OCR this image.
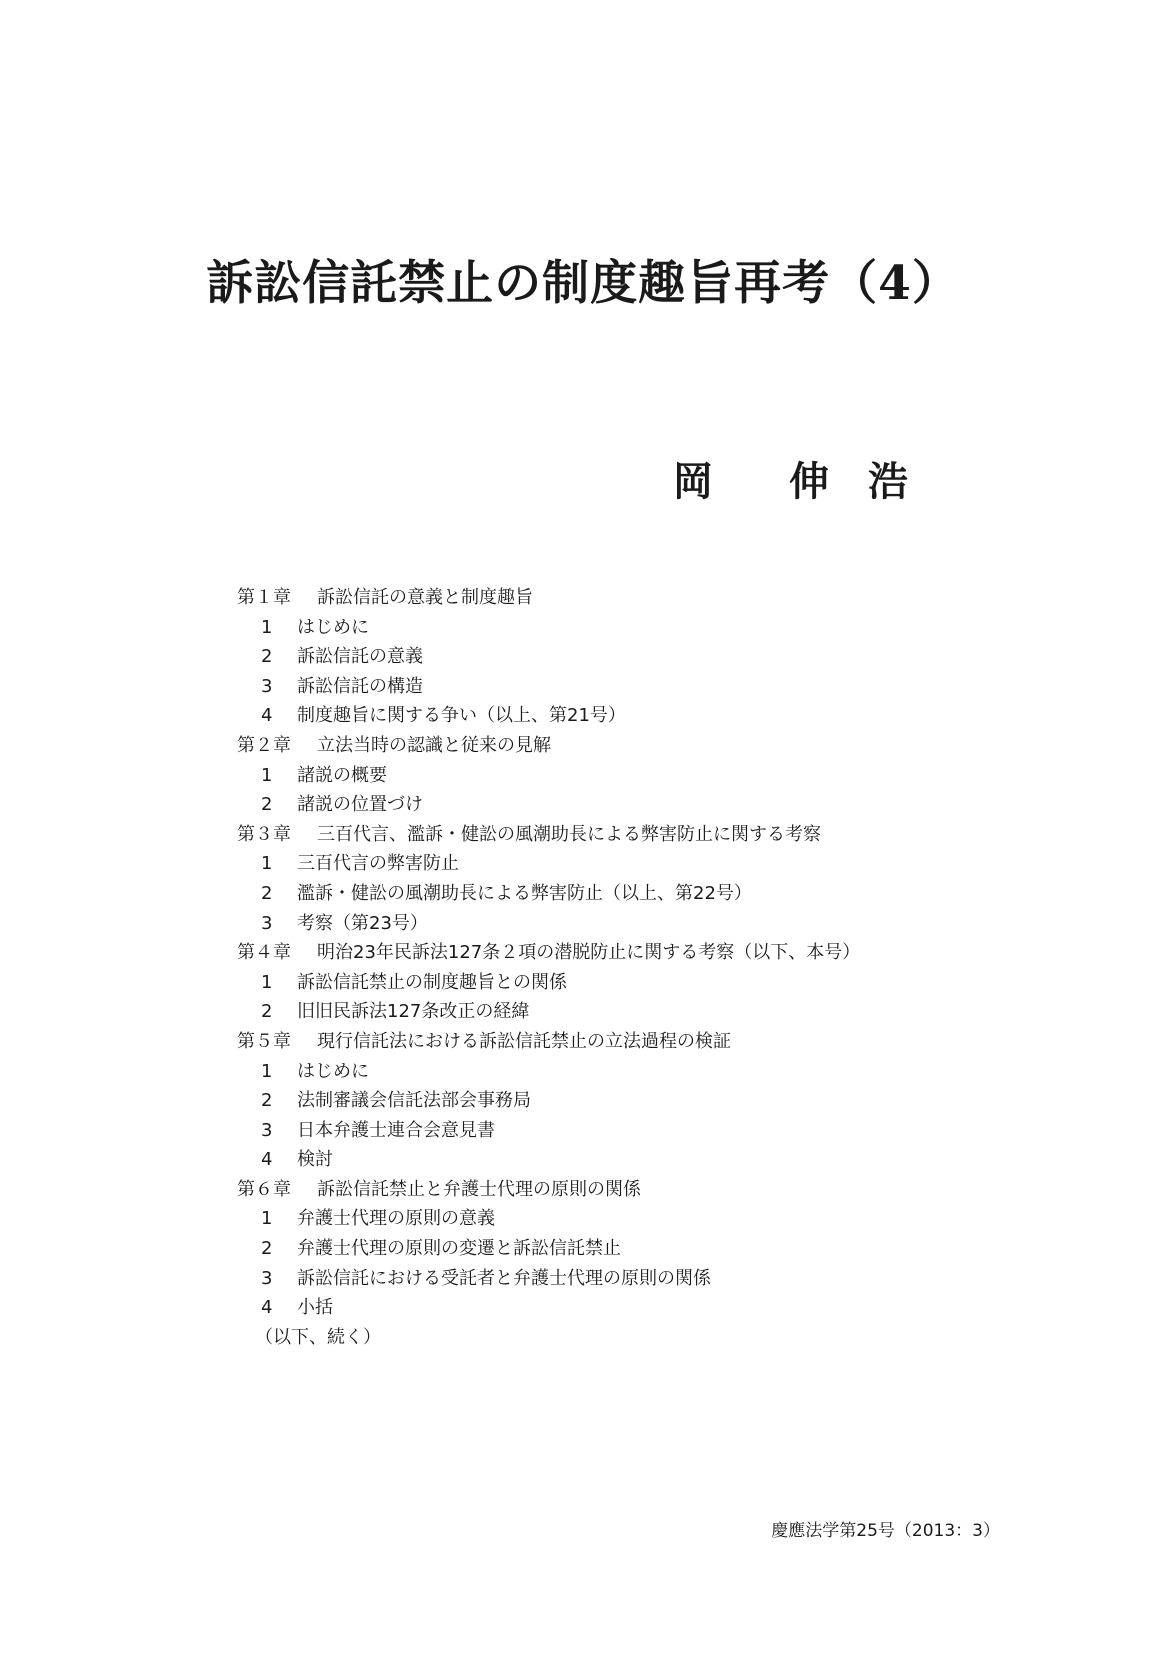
訴訟信託禁止の制度趣旨再考（4）
岡 伸 浩
第１章 訴訟信託の意義と制度趣旨
1 はじめに
2 訴訟信託の意義
3 訴訟信託の構造
4 制度趣旨に関する争い（以上、第21号）
第２章 立法当時の認識と従来の見解
1 諸説の概要
2 諸説の位置づけ
第３章 三百代言、濫訴・健訟の風潮助長による弊害防止に関する考察
1 三百代言の弊害防止
2 濫訴・健訟の風潮助長による弊害防止（以上、第22号）
3 考察（第23号）
第４章 明治23年民訴法127条２項の潜脱防止に関する考察（以下、本号）
1 訴訟信託禁止の制度趣旨との関係
2 旧旧民訴法127条改正の経緯
第５章 現行信託法における訴訟信託禁止の立法過程の検証
1 はじめに
2 法制審議会信託法部会事務局
3 日本弁護士連合会意見書
4 検討
第６章 訴訟信託禁止と弁護士代理の原則の関係
1 弁護士代理の原則の意義
2 弁護士代理の原則の変遷と訴訟信託禁止
3 訴訟信託における受託者と弁護士代理の原則の関係
4 小括
（以下、続く）
慶應法学第25号（2013：3）
